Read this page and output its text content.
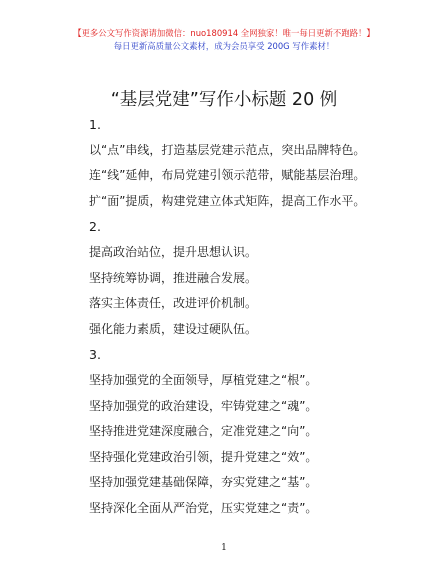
【更多公文写作资源请加微信：nuo180914 全网独家！唯一每日更新不跑路！】
每日更新高质量公文素材，成为会员享受 200G 写作素材！
“基层党建”写作小标题 20 例
1.
以“点”串线，打造基层党建示范点，突出品牌特色。
连“线”延伸，布局党建引领示范带，赋能基层治理。
扩“面”提质，构建党建立体式矩阵，提高工作水平。
2.
提高政治站位，提升思想认识。
坚持统筹协调，推进融合发展。
落实主体责任，改进评价机制。
强化能力素质，建设过硬队伍。
3.
坚持加强党的全面领导，厚植党建之“根”。
坚持加强党的政治建设，牢铸党建之“魂”。
坚持推进党建深度融合，定准党建之“向”。
坚持强化党建政治引领，提升党建之“效”。
坚持加强党建基础保障，夯实党建之“基”。
坚持深化全面从严治党，压实党建之“责”。
1
